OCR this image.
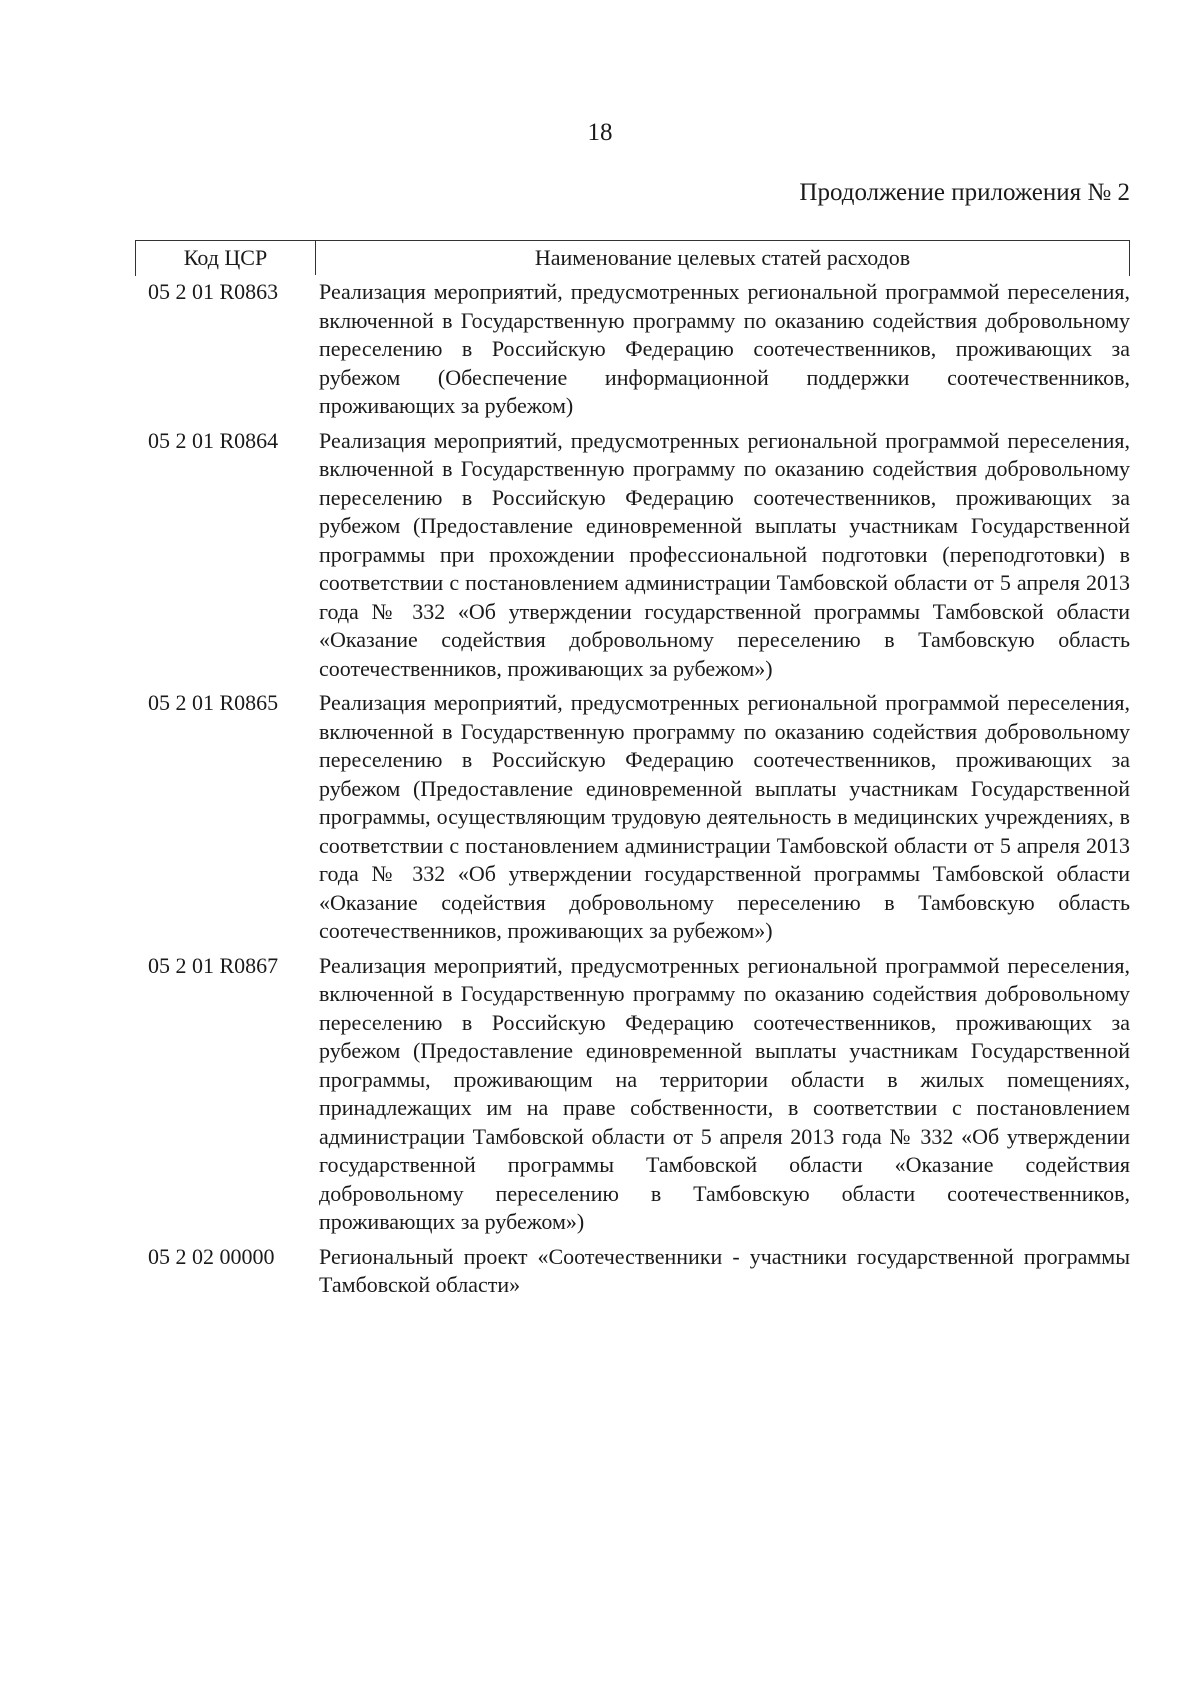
18
Продолжение приложения № 2
Код ЦСР	Наименование целевых статей расходов
05 2 01 R0863	Реализация мероприятий, предусмотренных региональной программой переселения, включенной в Государственную программу по оказанию содействия добровольному переселению в Российскую Федерацию соотечественников, проживающих за рубежом (Обеспечение информационной поддержки соотечественников, проживающих за рубежом)
05 2 01 R0864	Реализация мероприятий, предусмотренных региональной программой переселения, включенной в Государственную программу по оказанию содействия добровольному переселению в Российскую Федерацию соотечественников, проживающих за рубежом (Предоставление единовременной выплаты участникам Государственной программы при прохождении профессиональной подготовки (переподготовки) в соответствии с постановлением администрации Тамбовской области от 5 апреля 2013 года № 332 «Об утверждении государственной программы Тамбовской области «Оказание содействия добровольному переселению в Тамбовскую область соотечественников, проживающих за рубежом»)
05 2 01 R0865	Реализация мероприятий, предусмотренных региональной программой переселения, включенной в Государственную программу по оказанию содействия добровольному переселению в Российскую Федерацию соотечественников, проживающих за рубежом (Предоставление единовременной выплаты участникам Государственной программы, осуществляющим трудовую деятельность в медицинских учреждениях, в соответствии с постановлением администрации Тамбовской области от 5 апреля 2013 года № 332 «Об утверждении государственной программы Тамбовской области «Оказание содействия добровольному переселению в Тамбовскую область соотечественников, проживающих за рубежом»)
05 2 01 R0867	Реализация мероприятий, предусмотренных региональной программой переселения, включенной в Государственную программу по оказанию содействия добровольному переселению в Российскую Федерацию соотечественников, проживающих за рубежом (Предоставление единовременной выплаты участникам Государственной программы, проживающим на территории области в жилых помещениях, принадлежащих им на праве собственности, в соответствии с постановлением администрации Тамбовской области от 5 апреля 2013 года № 332 «Об утверждении государственной программы Тамбовской области «Оказание содействия добровольному переселению в Тамбовскую области соотечественников, проживающих за рубежом»)
05 2 02 00000	Региональный проект «Соотечественники - участники государственной программы Тамбовской области»
